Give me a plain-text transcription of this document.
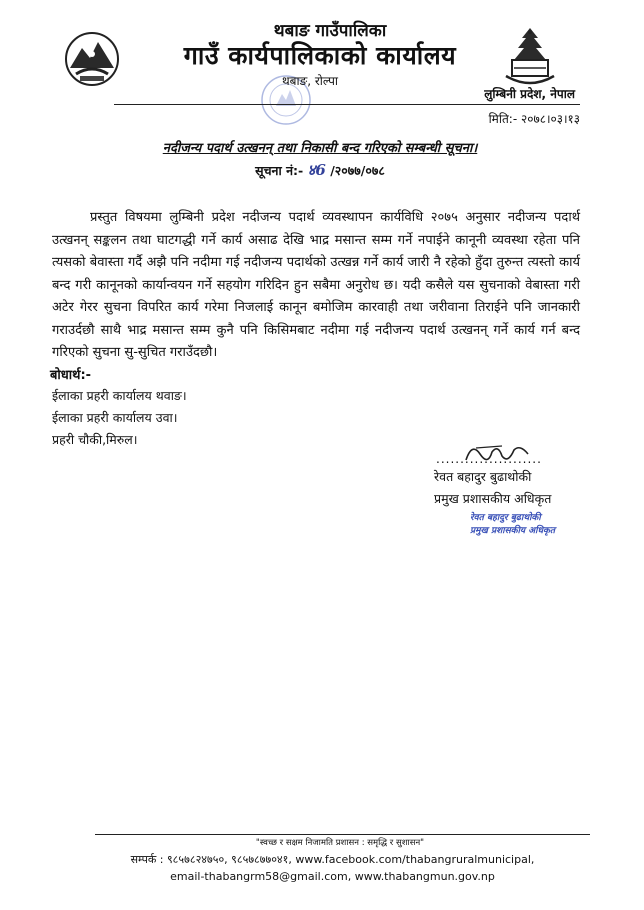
थबाङ गाउँपालिका
गाउँ कार्यपालिकाको कार्यालय
थबाङ, रोल्पा
लुम्बिनी प्रदेश, नेपाल
मिति:- २०७८।०३।१३
नदीजन्य पदार्थ उत्खनन् तथा निकासी बन्द गरिएको सम्बन्धी सूचना।
सूचना नं:- ४6 /२०७७/०७८
प्रस्तुत विषयमा लुम्बिनी प्रदेश नदीजन्य पदार्थ व्यवस्थापन कार्यविधि २०७५ अनुसार नदीजन्य पदार्थ उत्खनन् सङ्कलन तथा घाटगद्धी गर्ने कार्य असाढ देखि भाद्र मसान्त सम्म गर्ने नपाईने कानूनी व्यवस्था रहेता पनि त्यसको बेवास्ता गर्दै अझै पनि नदीमा गई नदीजन्य पदार्थको उत्खन्न गर्ने कार्य जारी नै रहेको हुँदा तुरुन्त त्यस्तो कार्य बन्द गरी कानूनको कार्यान्वयन गर्ने सहयोग गरिदिन हुन सबैमा अनुरोध छ। यदी कसैले यस सुचनाको वेबास्ता गरी अटेर गेरर सुचना विपरित कार्य गरेमा निजलाई कानून बमोजिम कारवाही तथा जरीवाना तिराईने पनि जानकारी गराउर्दछौ साथै भाद्र मसान्त सम्म कुनै पनि किसिमबाट नदीमा गई नदीजन्य पदार्थ उत्खनन् गर्ने कार्य गर्न बन्द गरिएको सुचना सु-सुचित गराउँदछौ।
बोधार्थ:-
ईलाका प्रहरी कार्यालय थवाङ।
ईलाका प्रहरी कार्यालय उवा।
प्रहरी चौकी,मिरुल।
......................
रेवत बहादुर बुढाथोकी
प्रमुख प्रशासकीय अधिकृत
रेवत बहादुर बुढाथोकी
प्रमुख प्रशासकीय अधिकृत
"स्वच्छ र सक्षम निजामति प्रशासन : समृद्धि र सुशासन"
सम्पर्क : ९८५७८२४७५०, ९८५७८७७०४१, www.facebook.com/thabangruralmunicipal,
email-thabangrm58@gmail.com, www.thabangmun.gov.np
